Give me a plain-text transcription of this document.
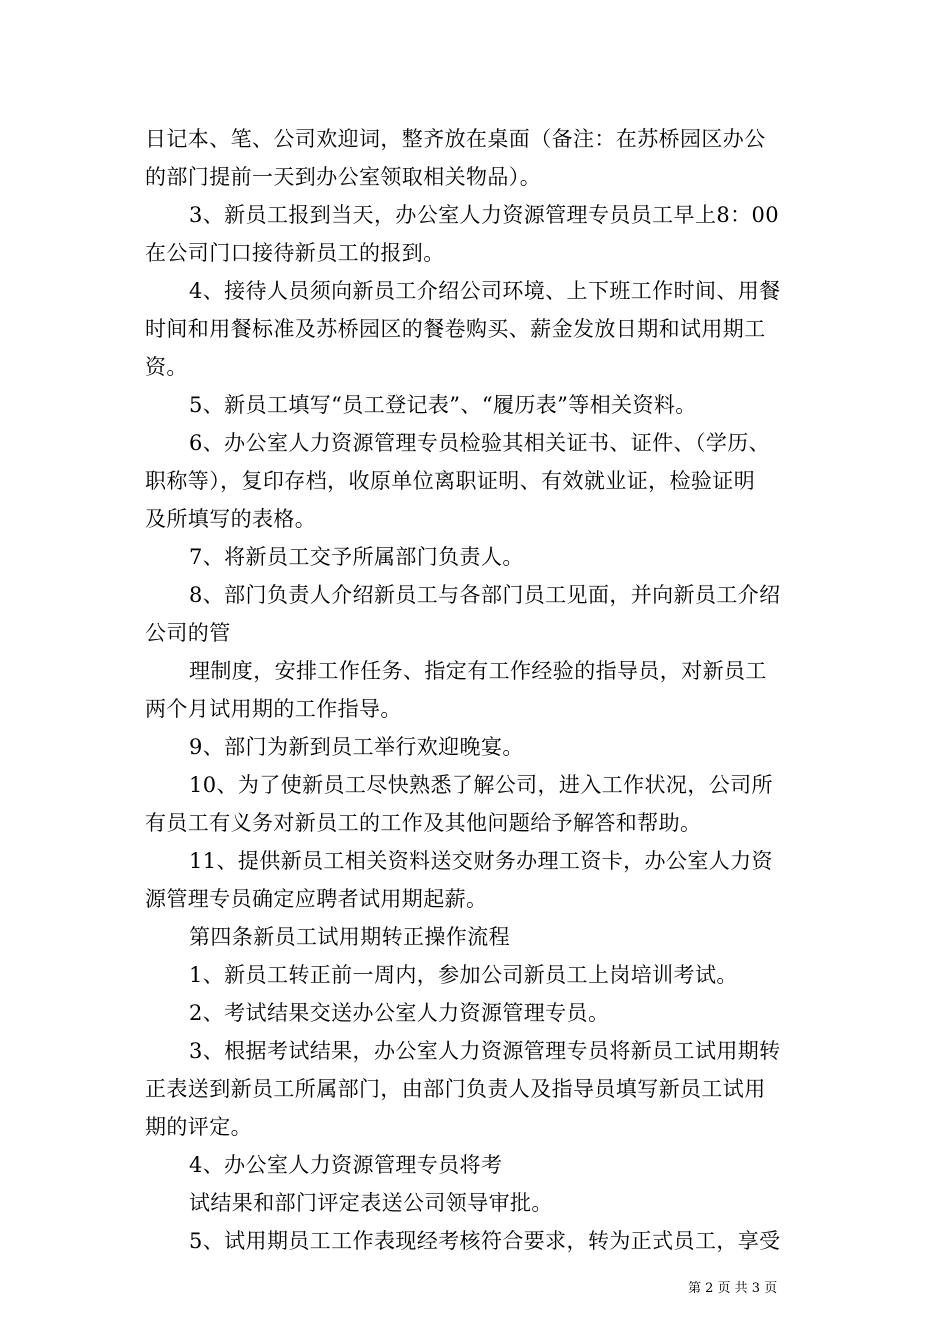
日记本、笔、公司欢迎词，整齐放在桌面（备注：在苏桥园区办公
的部门提前一天到办公室领取相关物品）。
3、新员工报到当天，办公室人力资源管理专员员工早上8：00
在公司门口接待新员工的报到。
4、接待人员须向新员工介绍公司环境、上下班工作时间、用餐
时间和用餐标准及苏桥园区的餐卷购买、薪金发放日期和试用期工
资。
5、新员工填写“员工登记表”、“履历表”等相关资料。
6、办公室人力资源管理专员检验其相关证书、证件、（学历、
职称等），复印存档，收原单位离职证明、有效就业证，检验证明
及所填写的表格。
7、将新员工交予所属部门负责人。
8、部门负责人介绍新员工与各部门员工见面，并向新员工介绍
公司的管
理制度，安排工作任务、指定有工作经验的指导员，对新员工
两个月试用期的工作指导。
9、部门为新到员工举行欢迎晚宴。
10、为了使新员工尽快熟悉了解公司，进入工作状况，公司所
有员工有义务对新员工的工作及其他问题给予解答和帮助。
11、提供新员工相关资料送交财务办理工资卡，办公室人力资
源管理专员确定应聘者试用期起薪。
第四条新员工试用期转正操作流程
1、新员工转正前一周内，参加公司新员工上岗培训考试。
2、考试结果交送办公室人力资源管理专员。
3、根据考试结果，办公室人力资源管理专员将新员工试用期转
正表送到新员工所属部门，由部门负责人及指导员填写新员工试用
期的评定。
4、办公室人力资源管理专员将考
试结果和部门评定表送公司领导审批。
5、试用期员工工作表现经考核符合要求，转为正式员工，享受
第 2 页 共 3 页
